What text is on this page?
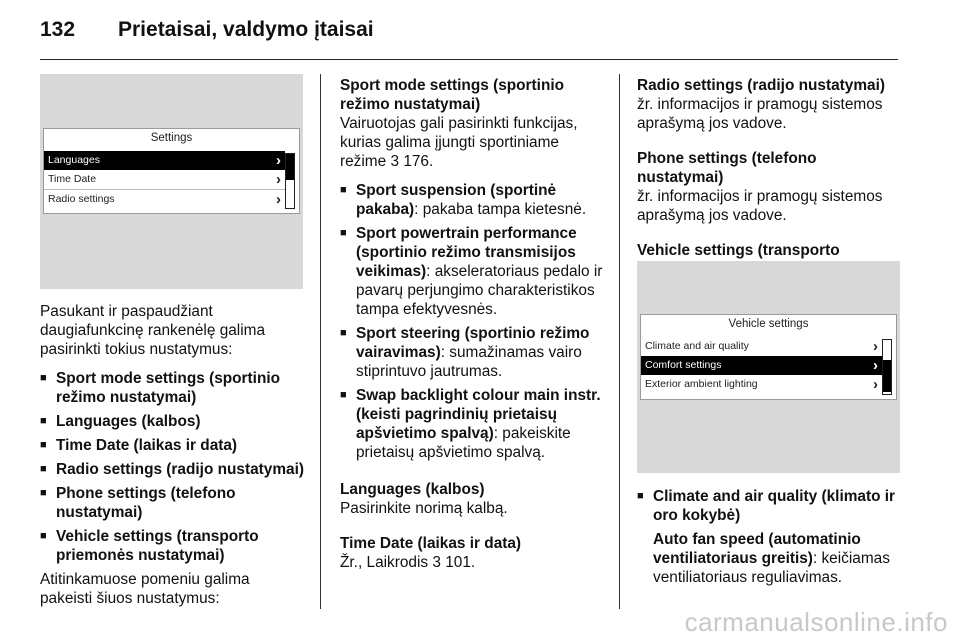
132 Prietaisai, valdymo įtaisai
Settings
Languages	›
Time Date	›
Radio settings	›

Pasukant ir paspaudžiant daugiafunkcinę rankenėlę galima pasirinkti tokius nustatymus:

■ Sport mode settings (sportinio režimo nustatymai)

■ Languages (kalbos)

■ Time Date (laikas ir data)

■ Radio settings (radijo nustatymai)

■ Phone settings (telefono nustatymai)

■ Vehicle settings (transporto priemonės nustatymai)

Atitinkamuose pomeniu galima pakeisti šiuos nustatymus:

Sport mode settings (sportinio režimo nustatymai)

Vairuotojas gali pasirinkti funkcijas, kurias galima įjungti sportiniame režime 3 176.

■ Sport suspension (sportinė pakaba): pakaba tampa kietesnė.

■ Sport powertrain performance (sportinio režimo transmisijos veikimas): akseleratoriaus pedalo ir pavarų perjungimo charakteristikos tampa efektyvesnės.

■ Sport steering (sportinio režimo vairavimas): sumažinamas vairo stiprintuvo jautrumas.

■ Swap backlight colour main instr. (keisti pagrindinių prietaisų apšvietimo spalvą): pakeiskite prietaisų apšvietimo spalvą.

Languages (kalbos)

Pasirinkite norimą kalbą.

Time Date (laikas ir data)

Žr., Laikrodis 3 101.

Radio settings (radijo nustatymai)

žr. informacijos ir pramogų sistemos aprašymą jos vadove.

Phone settings (telefono nustatymai)

žr. informacijos ir pramogų sistemos aprašymą jos vadove.

Vehicle settings (transporto

Vehicle settings
Climate and air quality	›
Comfort settings	›
Exterior ambient lighting	›

■ Climate and air quality (klimato ir oro kokybė)

Auto fan speed (automatinio ventiliatoriaus greitis): keičiamas ventiliatoriaus reguliavimas.

carmanualsonline.info
